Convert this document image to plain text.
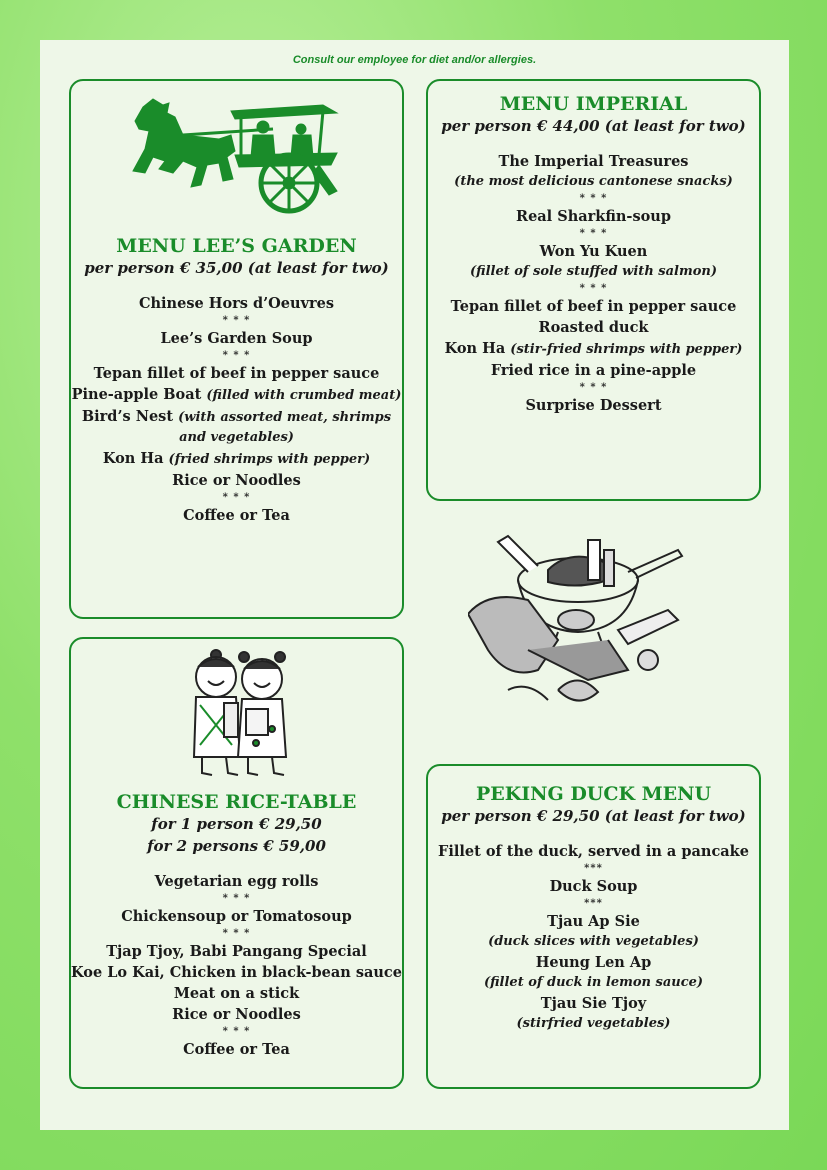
Consult our employee for diet and/or allergies.
MENU LEE’S GARDEN
per person € 35,00 (at least for two)
Chinese Hors d’Oeuvres
* * *
Lee’s Garden Soup
* * *
Tepan fillet of beef in pepper sauce
Pine-apple Boat (filled with crumbed meat)
Bird’s Nest (with assorted meat, shrimps
and vegetables)
Kon Ha (fried shrimps with pepper)
Rice or Noodles
* * *
Coffee or Tea
MENU IMPERIAL
per person € 44,00 (at least for two)
The Imperial Treasures
(the most delicious cantonese snacks)
* * *
Real Sharkfin-soup
* * *
Won Yu Kuen
(fillet of sole stuffed with salmon)
* * *
Tepan fillet of beef in pepper sauce
Roasted duck
Kon Ha (stir-fried shrimps with pepper)
Fried rice in a pine-apple
* * *
Surprise Dessert
CHINESE RICE-TABLE
for 1 person € 29,50
for 2 persons € 59,00
Vegetarian egg rolls
* * *
Chickensoup or Tomatosoup
* * *
Tjap Tjoy, Babi Pangang Special
Koe Lo Kai, Chicken in black-bean sauce
Meat on a stick
Rice or Noodles
* * *
Coffee or Tea
PEKING DUCK MENU
per person € 29,50 (at least for two)
Fillet of the duck, served in a pancake
***
Duck Soup
***
Tjau Ap Sie
(duck slices with vegetables)
Heung Len Ap
(fillet of duck in lemon sauce)
Tjau Sie Tjoy
(stirfried vegetables)
